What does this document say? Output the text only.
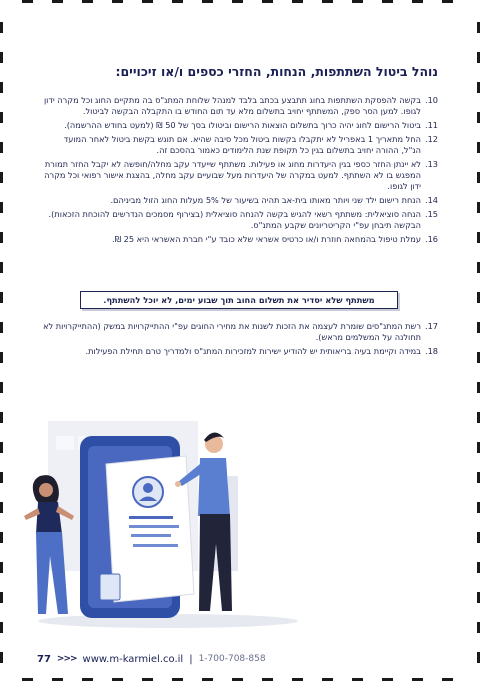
נוהל ביטול השתתפות, הנחות, החזרי כספים ו/או זיכויים:
10.
בקשה להפסקת השתתפות בחוג תתבצע בכתב בלבד למנהל שלוחת המתנ"ס בה מתקיים החוג וכל מקרה ידון לגופו. למען הסר ספק, המשתתף יחויב בתשלום מלא עד תום החודש בו התקבלה הבקשה לביטול.
11.
ביטול הרישום לחוג יהיה כרוך בתשלום הוצאות הרישום וביטולו בסך של 50 ₪ (למעט בחודש ההרשמה).
12.
החל מתאריך 1 באפריל לא יתקבלו בקשות ביטול מכל סיבה שהיא. אם תוגש בקשת ביטול לאחר המועד הנ"ל, ההורה יחויב בתשלום בגין כל תקופת שנת הלימודים כאמור בהסכם זה.
13.
לא יינתן החזר כספי בגין היעדרות מחוג או פעילות. משתתף שייעדר עקב מחלה/חופשה לא יקבל החזר תמורת המפגש בו לא השתתף. למעט במקרה של היעדרות מעל שבועיים עקב מחלה, בהצגת אישור רפואי וכל מקרה ידון לגופו.
14.
הנחת רישום ילד שני ויותר מאותו בית-אב תהיה בשיעור של 5% מעלות החוג הזול מביניהם.
15.
הנחה סוציאלית: משתתף רשאי להגיש בקשה להנחה סוציאלית (בצירוף מסמכים הנדרשים להוכחת הזכאות). הבקשה תיבחן עפ"י הקריטריונים שקבע המתנ"ס.
16.
עמלת טיפול בהמחאה חוזרת ו/או כרטיס אשראי שלא כובד ע"י חברת האשראי היא 25 ₪.
משתתף שלא יסדיר את תשלום החוב תוך שבוע ימים, לא יוכל להשתתף.
17.
רשת המתנ"סים שומרת לעצמה את הזכות לשנות את מחירי החוגים עפ"י ההתייקרויות במשק (ההתייקרויות לא תחולנה על המשלמים מראש).
18.
במידה וקיימת בעיה בריאותית יש להודיע ישירות למזכירות המתנ"ס ולמדריך טרם תחילת הפעילות.
77 >>> www.m-karmiel.co.il | 1-700-708-858
